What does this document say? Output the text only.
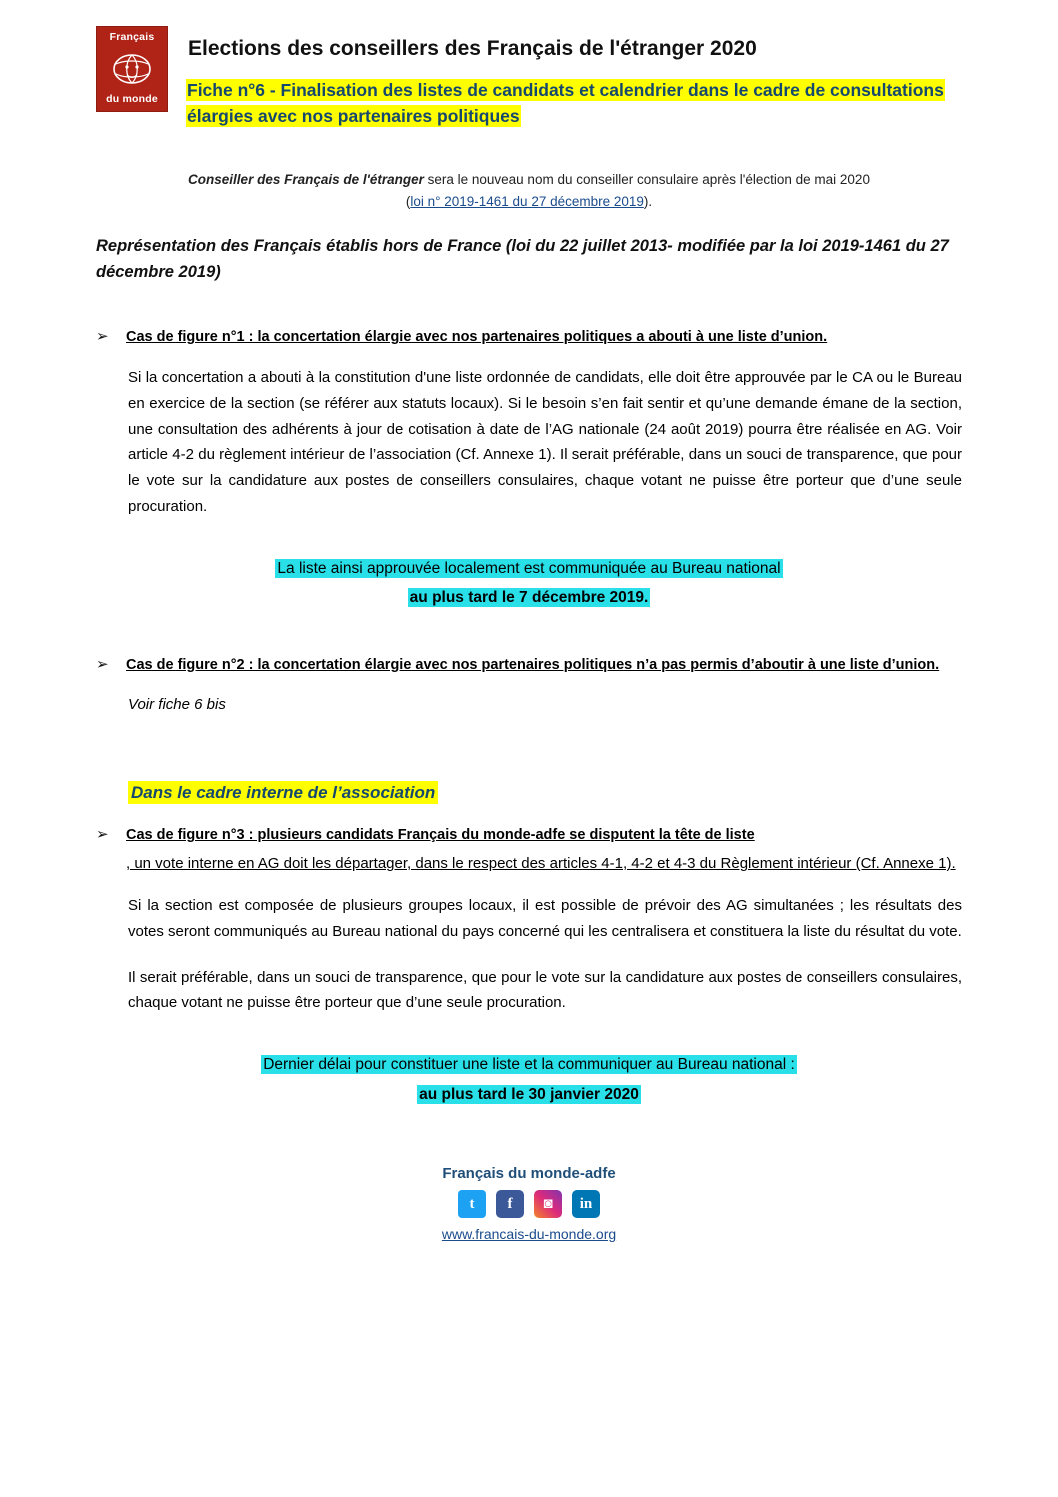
Français
du monde
Elections des conseillers des Français de l'étranger 2020
Fiche n°6 - Finalisation des listes de candidats et calendrier dans le cadre de consultations élargies avec nos partenaires politiques
Conseiller des Français de l'étranger sera le nouveau nom du conseiller consulaire après l'élection de mai 2020
(loi n° 2019-1461 du 27 décembre 2019).
Représentation des Français établis hors de France (loi du 22 juillet 2013- modifiée par la loi 2019-1461 du 27 décembre 2019)
➢	Cas de figure n°1 : la concertation élargie avec nos partenaires politiques a abouti à une liste d’union.
Si la concertation a abouti à la constitution d'une liste ordonnée de candidats, elle doit être approuvée par le CA ou le Bureau en exercice de la section (se référer aux statuts locaux). Si le besoin s’en fait sentir et qu’une demande émane de la section, une consultation des adhérents à jour de cotisation à date de l’AG nationale (24 août 2019) pourra être réalisée en AG. Voir article 4-2 du règlement intérieur de l’association (Cf. Annexe 1). Il serait préférable, dans un souci de transparence, que pour le vote sur la candidature aux postes de conseillers consulaires, chaque votant ne puisse être porteur que d’une seule procuration.
La liste ainsi approuvée localement est communiquée au Bureau national
au plus tard le 7 décembre 2019.
➢	Cas de figure n°2 : la concertation élargie avec nos partenaires politiques n’a pas permis d’aboutir à une liste d’union.
Voir fiche 6 bis
Dans le cadre interne de l’association
➢	Cas de figure n°3 : plusieurs candidats Français du monde-adfe se disputent la tête de liste
, un vote interne en AG doit les départager, dans le respect des articles 4-1, 4-2 et 4-3 du Règlement intérieur (Cf. Annexe 1).
Si la section est composée de plusieurs groupes locaux, il est possible de prévoir des AG simultanées ; les résultats des votes seront communiqués au Bureau national du pays concerné qui les centralisera et constituera la liste du résultat du vote.
Il serait préférable, dans un souci de transparence, que pour le vote sur la candidature aux postes de conseillers consulaires, chaque votant ne puisse être porteur que d’une seule procuration.
Dernier délai pour constituer une liste et la communiquer au Bureau national :
au plus tard le 30 janvier 2020
Français du monde-adfe
t	f	◙	in
www.francais-du-monde.org
